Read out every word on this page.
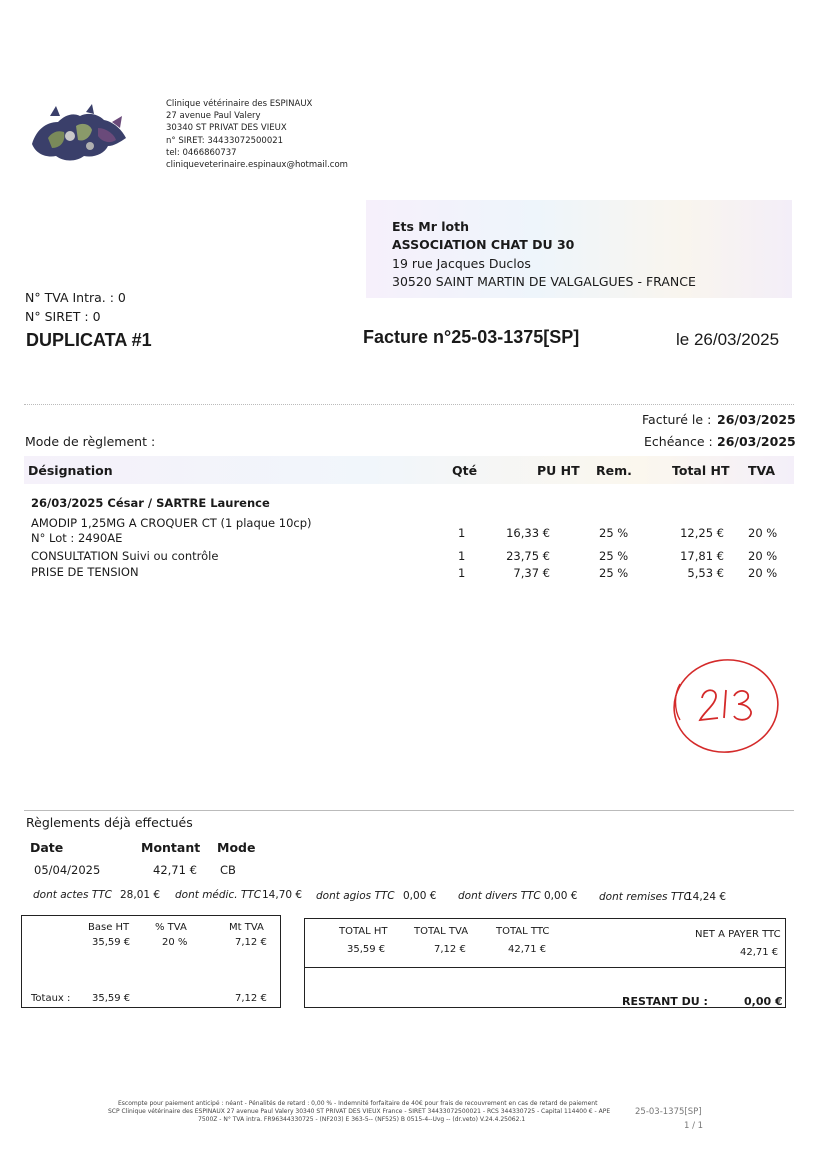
Clinique vétérinaire des ESPINAUX
27 avenue Paul Valery
30340 ST PRIVAT DES VIEUX
n° SIRET: 34433072500021
tel: 0466860737
cliniqueveterinaire.espinaux@hotmail.com
Ets Mr loth
ASSOCIATION CHAT DU 30
19 rue Jacques Duclos
30520 SAINT MARTIN DE VALGALGUES - FRANCE
N° TVA Intra. : 0
N° SIRET : 0
DUPLICATA #1	Facture n°25-03-1375[SP]	le 26/03/2025
Facturé le : 26/03/2025
Echéance : 26/03/2025
Mode de règlement :
Désignation	Qté	PU HT Rem.	Total HT TVA
26/03/2025 César / SARTRE Laurence
AMODIP 1,25MG A CROQUER CT (1 plaque 10cp)
N° Lot : 2490AE	1	16,33 €	25 %	12,25 € 20 %
CONSULTATION Suivi ou contrôle	1	23,75 €	25 %	17,81 € 20 %
PRISE DE TENSION	1	7,37 €	25 %	5,53 € 20 %
Règlements déjà effectués
Date	Montant Mode
05/04/2025	42,71 € CB
dont actes TTC 28,01 € dont médic. TTC 14,70 € dont agios TTC 0,00 € dont divers TTC 0,00 € dont remises TTC
14,24 €
Base HT	% TVA	Mt TVA
35,59 €	20 %	7,12 €
Totaux : 35,59 €	7,12 €
TOTAL HT
35,59 €
TOTAL TVA
7,12 €
TOTAL TTC
42,71 €
NET A PAYER TTC
42,71 €
RESTANT DU :	0,00 €
Escompte pour paiement anticipé : néant - Pénalités de retard : 0,00 % - Indemnité forfaitaire de 40€ pour frais de recouvrement en cas de retard de paiement
SCP Clinique vétérinaire des ESPINAUX 27 avenue Paul Valery 30340 ST PRIVAT DES VIEUX France - SIRET 34433072500021 - RCS 344330725 - Capital 114400 € - APE
7500Z - N° TVA intra. FR96344330725 - (NF203) E 363-5-- (NF525) B 0515-4--Uvg -- (dr.veto) V.24.4.25062.1
25-03-1375[SP]
1 / 1
